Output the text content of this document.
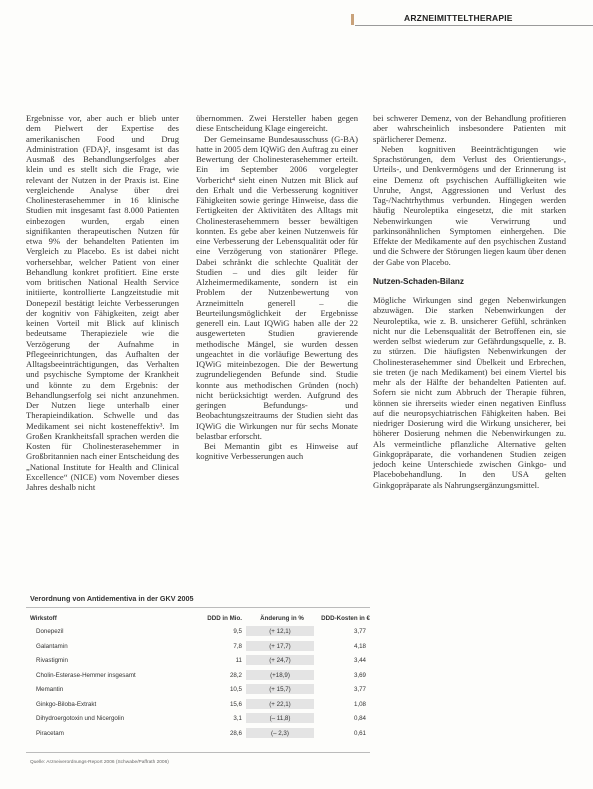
ARZNEIMITTELTHERAPIE

Ergebnisse vor, aber auch er blieb unter dem Pielwert der Expertise des amerikanischen Food und Drug Administration (FDA)², insgesamt ist das Ausmaß des Behandlungserfolges aber klein und es stellt sich die Frage, wie relevant der Nutzen in der Praxis ist. Eine vergleichende Analyse über drei Cholinesterasehemmer in 16 klinische Studien mit insgesamt fast 8.000 Patienten einbezogen wurden, ergab einen signifikanten therapeutischen Nutzen für etwa 9% der behandelten Patienten im Vergleich zu Placebo. Es ist dabei nicht vorhersehbar, welcher Patient von einer Behandlung konkret profitiert. Eine erste vom britischen National Health Service initiierte, kontrollierte Langzeitstudie mit Donepezil bestätigt leichte Verbesserungen der kognitiv von Fähigkeiten, zeigt aber keinen Vorteil mit Blick auf klinisch bedeutsame Therapieziele wie die Verzögerung der Aufnahme in Pflegeeinrichtungen, das Aufhalten der Alltagsbeeinträchtigungen, das Verhalten und psychische Symptome der Krankheit und könnte zu dem Ergebnis: der Behandlungserfolg sei nicht anzunehmen. Der Nutzen liege unterhalb einer Therapieindikation. Schwelle und das Medikament sei nicht kosteneffektiv³. Im Großen Krankheitsfall sprachen werden die Kosten für Cholinesterasehemmer in Großbritannien nach einer Entscheidung des „National Institute for Health and Clinical Excellence“ (NICE) vom November dieses Jahres deshalb nicht

übernommen. Zwei Hersteller haben gegen diese Entscheidung Klage eingereicht.

Der Gemeinsame Bundesausschuss (G-BA) hatte in 2005 dem IQWiG den Auftrag zu einer Bewertung der Cholinesterasehemmer erteilt. Ein im September 2006 vorgelegter Vorbericht⁴ sieht einen Nutzen mit Blick auf den Erhalt und die Verbesserung kognitiver Fähigkeiten sowie geringe Hinweise, dass die Fertigkeiten der Aktivitäten des Alltags mit Cholinesterasehemmern besser bewältigen konnten. Es gebe aber keinen Nutzenweis für eine Verbesserung der Lebensqualität oder für eine Verzögerung von stationärer Pflege. Dabei schränkt die schlechte Qualität der Studien – und dies gilt leider für Alzheimermedikamente, sondern ist ein Problem der Nutzenbewertung von Arzneimitteln generell – die Beurteilungsmöglichkeit der Ergebnisse generell ein. Laut IQWiG haben alle der 22 ausgewerteten Studien gravierende methodische Mängel, sie wurden dessen ungeachtet in die vorläufige Bewertung des IQWiG miteinbezogen. Die der Bewertung zugrundeliegenden Befunde sind. Studie konnte aus methodischen Gründen (noch) nicht berücksichtigt werden. Aufgrund des geringen Befundungs- und Beobachtungszeitraums der Studien sieht das IQWiG die Wirkungen nur für sechs Monate belastbar erforscht.

Bei Memantin gibt es Hinweise auf kognitive Verbesserungen auch

bei schwerer Demenz, von der Behandlung profitieren aber wahrscheinlich insbesondere Patienten mit spärlicherer Demenz.

Neben kognitiven Beeinträchtigungen wie Sprachstörungen, dem Verlust des Orientierungs-, Urteils-, und Denkvermögens und der Erinnerung ist eine Demenz oft psychischen Auffälligkeiten wie Unruhe, Angst, Aggressionen und Verlust des Tag-/Nachtrhythmus verbunden. Hingegen werden häufig Neuroleptika eingesetzt, die mit starken Nebenwirkungen wie Verwirrung und parkinsonähnlichen Symptomen einhergehen. Die Effekte der Medikamente auf den psychischen Zustand und die Schwere der Störungen liegen kaum über denen der Gabe von Placebo.

Nutzen-Schaden-Bilanz

Mögliche Wirkungen sind gegen Nebenwirkungen abzuwägen. Die starken Nebenwirkungen der Neuroleptika, wie z. B. unsicherer Gefühl, schränken nicht nur die Lebensqualität der Betroffenen ein, sie werden selbst wiederum zur Gefährdungsquelle, z. B. zu stürzen. Die häufigsten Nebenwirkungen der Cholinesterasehemmer sind Übelkeit und Erbrechen, sie treten (je nach Medikament) bei einem Viertel bis mehr als der Hälfte der behandelten Patienten auf. Sofern sie nicht zum Abbruch der Therapie führen, können sie ihrerseits wieder einen negativen Einfluss auf die neuropsychiatrischen Fähigkeiten haben. Bei niedriger Dosierung wird die Wirkung unsicherer, bei höherer Dosierung nehmen die Nebenwirkungen zu. Als vermeintliche pflanzliche Alternative gelten Ginkgopräparate, die vorhandenen Studien zeigen jedoch keine Unterschiede zwischen Ginkgo- und Placebobehandlung. In den USA gelten Ginkgopräparate als Nahrungsergänzungsmittel.

Verordnung von Antidementiva in der GKV 2005
Wirkstoff	DDD in Mio.	Änderung in %	DDD-Kosten in €
Donepezil	9,5	(+ 12,1)	3,77
Galantamin	7,8	(+ 17,7)	4,18
Rivastigmin	11	(+ 24,7)	3,44
Cholin-Esterase-Hemmer insgesamt	28,2	(+18,9)	3,69
Memantin	10,5	(+ 15,7)	3,77
Ginkgo-Biloba-Extrakt	15,6	(+ 22,1)	1,08
Dihydroergotoxin und Nicergolin	3,1	(– 11,8)	0,84
Piracetam	28,6	(– 2,3)	0,61
Quelle: Arzneiverordnungs-Report 2006 (Schwabe/Paffrath 2006)
